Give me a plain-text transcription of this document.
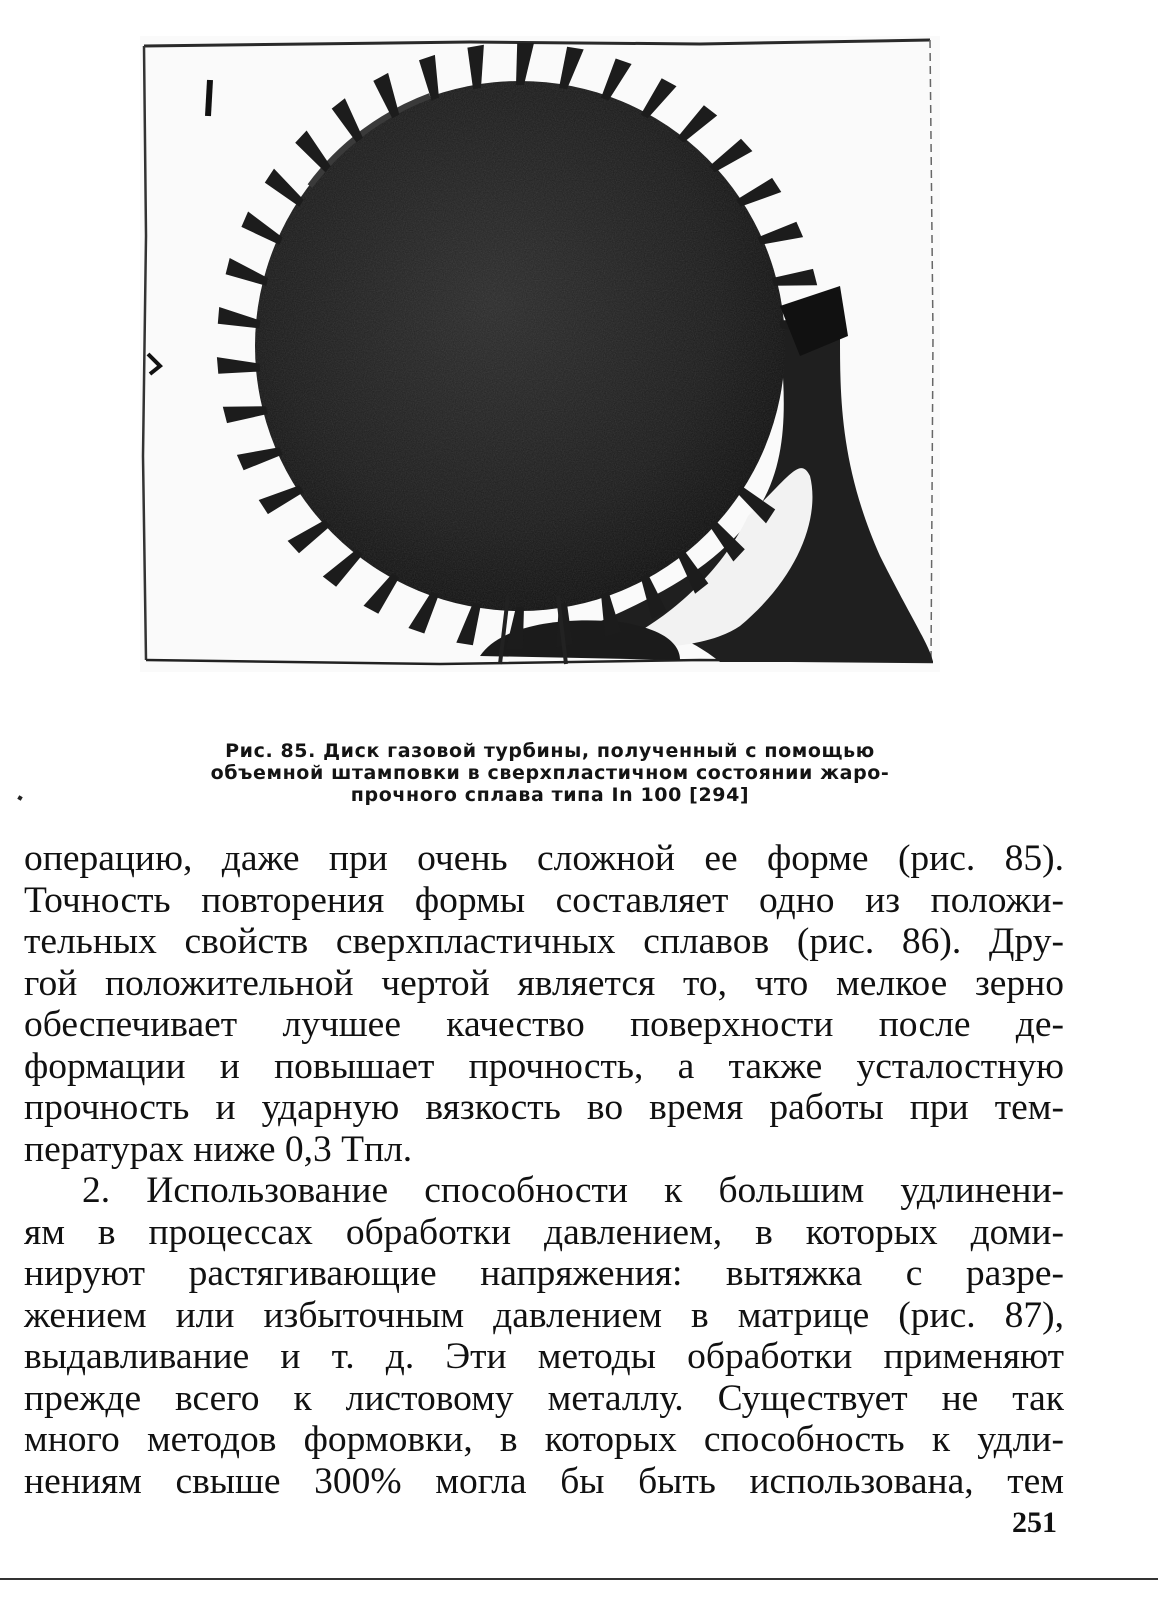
Рис. 85. Диск газовой турбины, полученный с помощью
объемной штамповки в сверхпластичном состоянии жаро-
прочного сплава типа In 100 [294]
операцию, даже при очень сложной ее форме (рис. 85).
Точность повторения формы составляет одно из положи-
тельных свойств сверхпластичных сплавов (рис. 86). Дру-
гой положительной чертой является то, что мелкое зерно
обеспечивает лучшее качество поверхности после де-
формации и повышает прочность, а также усталостную
прочность и ударную вязкость во время работы при тем-
пературах ниже 0,3 Tпл.
2. Использование способности к большим удлинени-
ям в процессах обработки давлением, в которых доми-
нируют растягивающие напряжения: вытяжка с разре-
жением или избыточным давлением в матрице (рис. 87),
выдавливание и т. д. Эти методы обработки применяют
прежде всего к листовому металлу. Существует не так
много методов формовки, в которых способность к удли-
нениям свыше 300% могла бы быть использована, тем
251
